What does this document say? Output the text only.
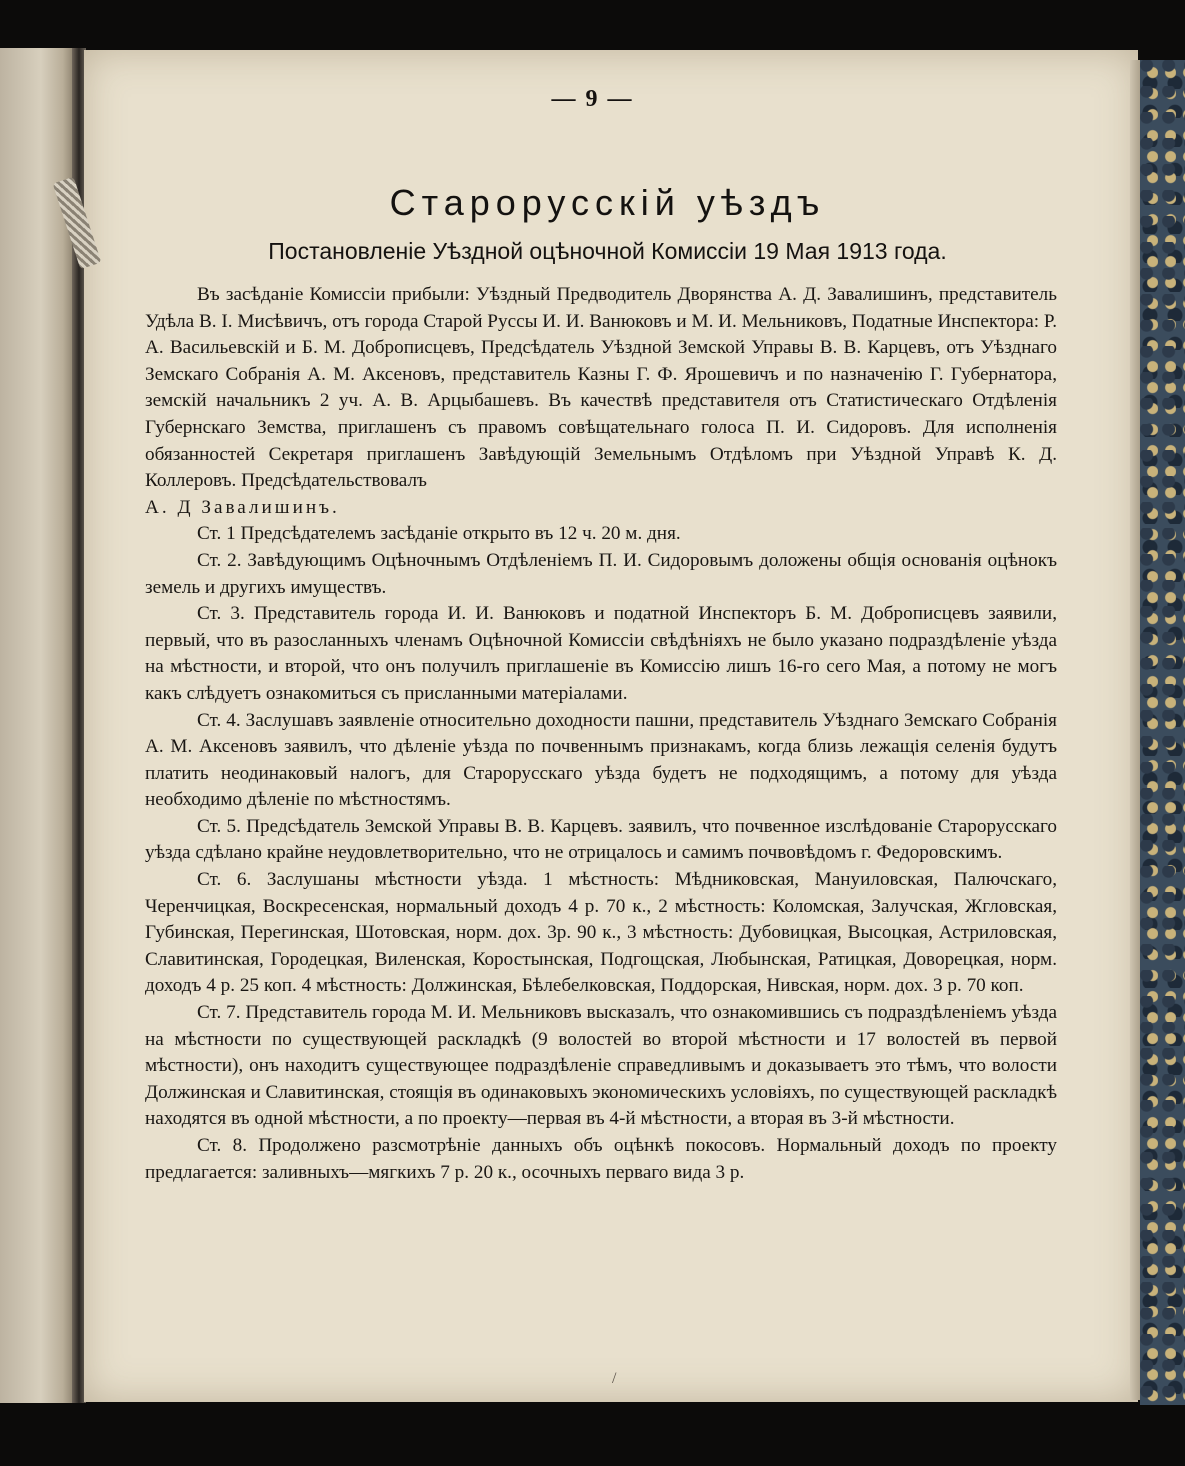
— 9 —
Старорусскій уѣздъ
Постановленіе Уѣздной оцѣночной Комиссіи 19 Мая 1913 года.

Въ засѣданіе Комиссіи прибыли: Уѣздный Предводитель Дворянства А. Д. Завалишинъ, представитель Удѣла В. І. Мисѣвичъ, отъ города Старой Руссы И. И. Ванюковъ и М. И. Мельниковъ, Податные Инспектора: Р. А. Васильевскій и Б. М. Доброписцевъ, Предсѣдатель Уѣздной Земской Управы В. В. Карцевъ, отъ Уѣзднаго Земскаго Собранія А. М. Аксеновъ, представитель Казны Г. Ф. Ярошевичъ и по назначенію Г. Губернатора, земскій начальникъ 2 уч. А. В. Арцыбашевъ. Въ качествѣ представителя отъ Статистическаго Отдѣленія Губернскаго Земства, приглашенъ съ правомъ совѣщательнаго голоса П. И. Сидоровъ. Для исполненія обязанностей Секретаря приглашенъ Завѣдующій Земельнымъ Отдѣломъ при Уѣздной Управѣ К. Д. Коллеровъ. Предсѣдательствовалъ

А. Д Завалишинъ.

Ст. 1 Предсѣдателемъ засѣданіе открыто въ 12 ч. 20 м. дня.

Ст. 2. Завѣдующимъ Оцѣночнымъ Отдѣленіемъ П. И. Сидоровымъ доложены общія основанія оцѣнокъ земель и другихъ имуществъ.

Ст. 3. Представитель города И. И. Ванюковъ и податной Инспекторъ Б. М. Доброписцевъ заявили, первый, что въ разосланныхъ членамъ Оцѣночной Комиссіи свѣдѣніяхъ не было указано подраздѣленіе уѣзда на мѣстности, и второй, что онъ получилъ приглашеніе въ Комиссію лишъ 16-го сего Мая, а потому не могъ какъ слѣдуетъ ознакомиться съ присланными матеріалами.

Ст. 4. Заслушавъ заявленіе относительно доходности пашни, представитель Уѣзднаго Земскаго Собранія А. М. Аксеновъ заявилъ, что дѣленіе уѣзда по почвеннымъ признакамъ, когда близь лежащія селенія будутъ платить неодинаковый налогъ, для Старорусскаго уѣзда будетъ не подходящимъ, а потому для уѣзда необходимо дѣленіе по мѣстностямъ.

Ст. 5. Предсѣдатель Земской Управы В. В. Карцевъ. заявилъ, что почвенное изслѣдованіе Старорусскаго уѣзда сдѣлано крайне неудовлетворительно, что не отрицалось и самимъ почвовѣдомъ г. Федоровскимъ.

Ст. 6. Заслушаны мѣстности уѣзда. 1 мѣстность: Мѣдниковская, Мануиловская, Палючскаго, Черенчицкая, Воскресенская, нормальный доходъ 4 р. 70 к., 2 мѣстность: Коломская, Залучская, Жгловская, Губинская, Перегинская, Шотовская, норм. дох. 3р. 90 к., 3 мѣстность: Дубовицкая, Высоцкая, Астриловская, Славитинская, Городецкая, Виленская, Коростынская, Подгощская, Любынская, Ратицкая, Доворецкая, норм. доходъ 4 р. 25 коп. 4 мѣстность: Должинская, Бѣлебелковская, Поддорская, Нивская, норм. дох. 3 р. 70 коп.

Ст. 7. Представитель города М. И. Мельниковъ высказалъ, что ознакомившись съ подраздѣленіемъ уѣзда на мѣстности по существующей раскладкѣ (9 волостей во второй мѣстности и 17 волостей въ первой мѣстности), онъ находитъ существующее подраздѣленіе справедливымъ и доказываетъ это тѣмъ, что волости Должинская и Славитинская, стоящія въ одинаковыхъ экономическихъ условіяхъ, по существующей раскладкѣ находятся въ одной мѣстности, а по проекту—первая въ 4-й мѣстности, а вторая въ 3-й мѣстности.

Ст. 8. Продолжено разсмотрѣніе данныхъ объ оцѣнкѣ покосовъ. Нормальный доходъ по проекту предлагается: заливныхъ—мягкихъ 7 р. 20 к., осочныхъ перваго вида 3 р.

/
